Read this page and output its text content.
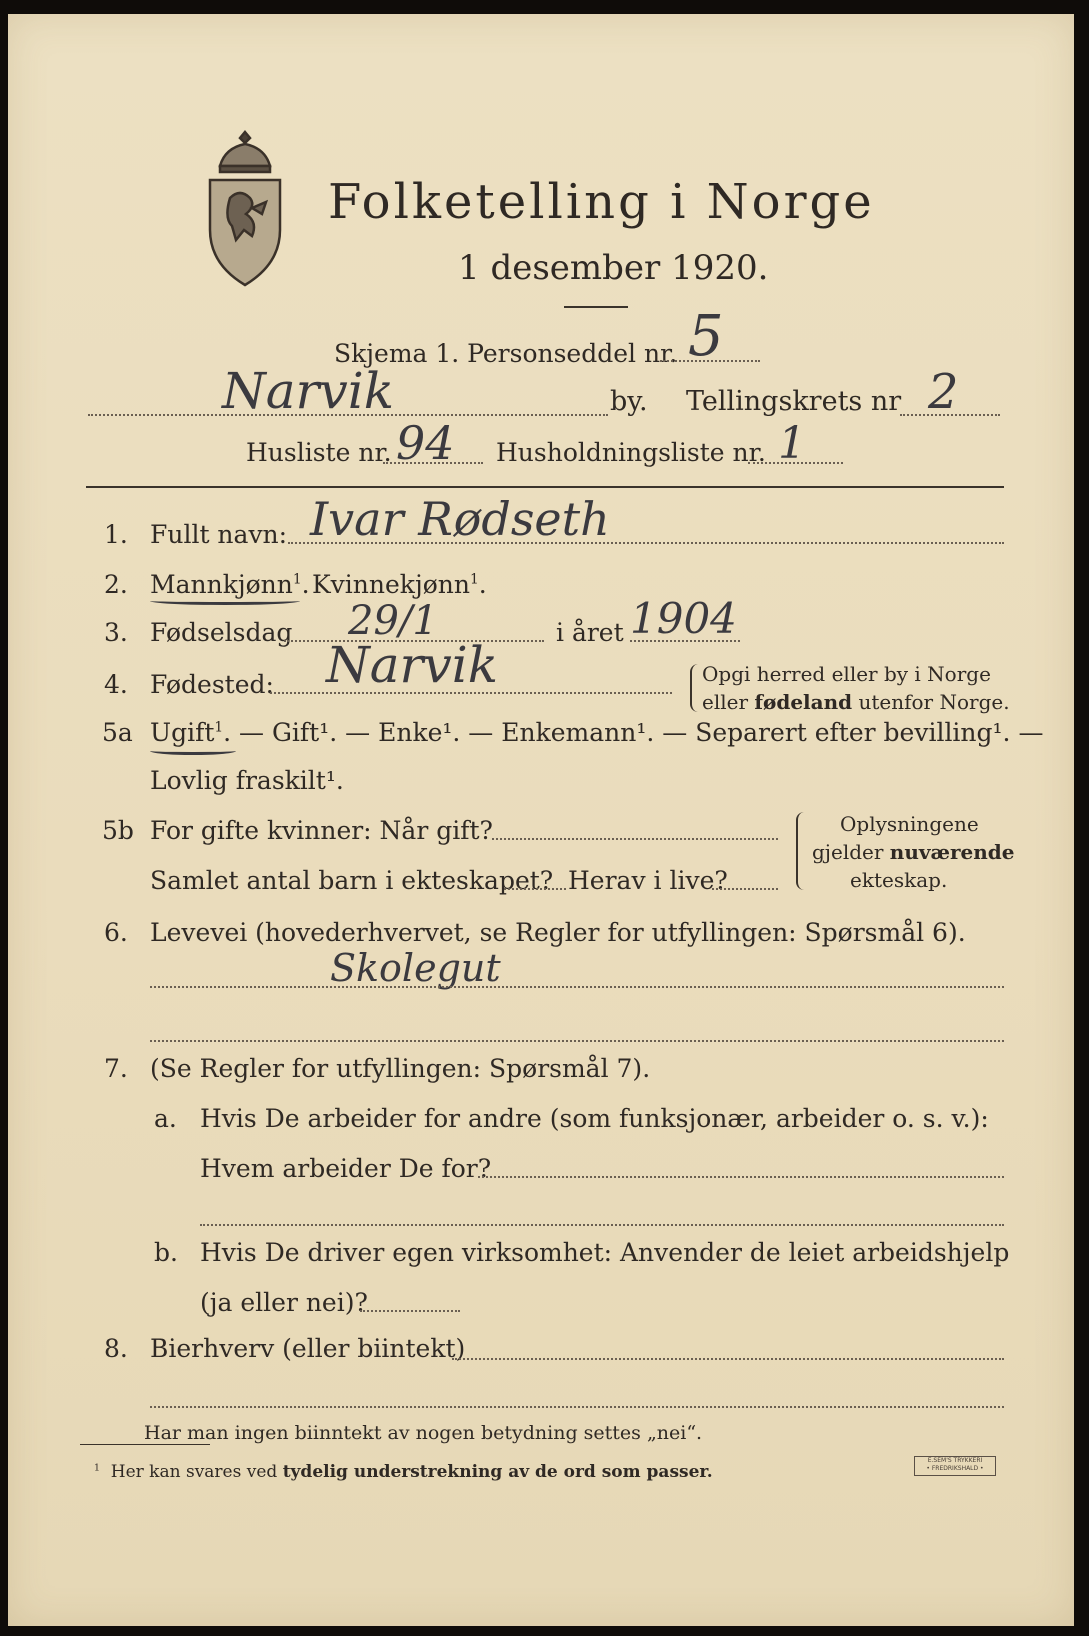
Folketelling i Norge
1 desember 1920.
Skjema 1. Personseddel nr. 5
Narvik	by. Tellingskrets nr 2
Husliste nr. 94 Husholdningsliste nr. 1
1. Fullt navn: Ivar Rødseth
2. Mannkjønn$^1$. Kvinnekjønn$^1$.
3. Fødselsdag 29/1	i året 1904
4. Fødested: Narvik	Opgi herred eller by i Norge
eller fødeland utenfor Norge.
5a Ugift$^1$. — Gift¹. — Enke¹. — Enkemann¹. — Separert efter bevilling¹. —
Lovlig fraskilt¹.
5b For gifte kvinner: Når gift?
Samlet antal barn i ekteskapet? Herav i live?
Oplysningene
gjelder nuværende
ekteskap.
6. Levevei (hovederhvervet, se Regler for utfyllingen: Spørsmål 6).
Skolegut
7. (Se Regler for utfyllingen: Spørsmål 7).
a. Hvis De arbeider for andre (som funksjonær, arbeider o. s. v.):
Hvem arbeider De for?
b. Hvis De driver egen virksomhet: Anvender de leiet arbeidshjelp
(ja eller nei)?
8. Bierhverv (eller biintekt)
Har man ingen biinntekt av nogen betydning settes „nei“.
$^1$ Her kan svares ved tydelig understrekning av de ord som passer.
E.SEM'S TRYKKERI
• FREDRIKSHALD •
